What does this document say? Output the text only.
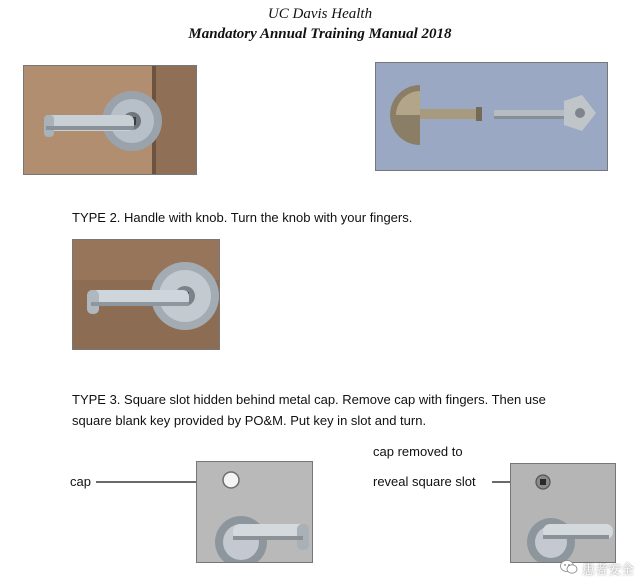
UC Davis Health
Mandatory Annual Training Manual 2018
TYPE 2. Handle with knob. Turn the knob with your fingers.
TYPE 3. Square slot hidden behind metal cap. Remove cap with fingers. Then use
square blank key provided by PO&M. Put key in slot and turn.
cap
cap removed to
reveal square slot
患者安全
